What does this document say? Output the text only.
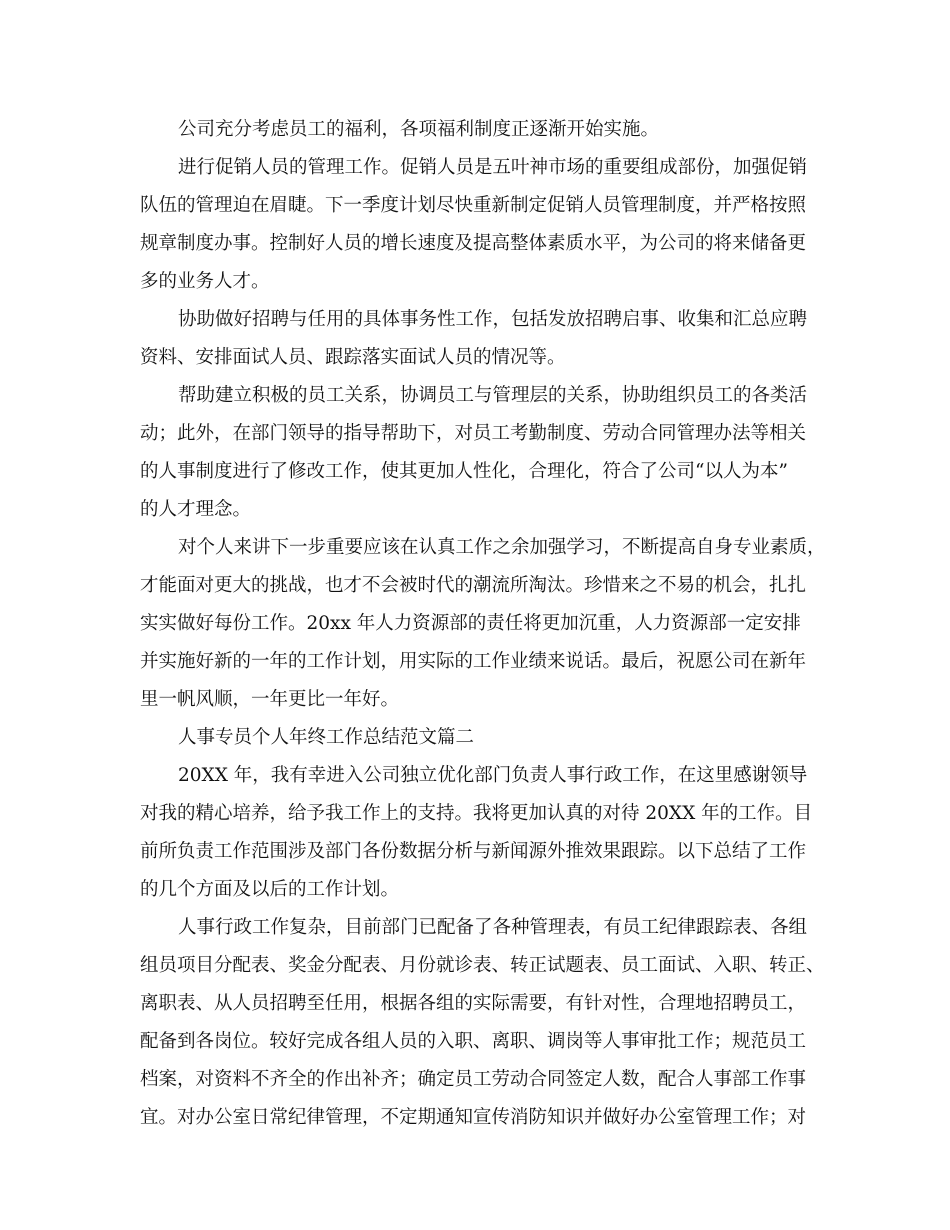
公司充分考虑员工的福利，各项福利制度正逐渐开始实施。
进行促销人员的管理工作。促销人员是五叶神市场的重要组成部份，加强促销
队伍的管理迫在眉睫。下一季度计划尽快重新制定促销人员管理制度，并严格按照
规章制度办事。控制好人员的增长速度及提高整体素质水平，为公司的将来储备更
多的业务人才。
协助做好招聘与任用的具体事务性工作，包括发放招聘启事、收集和汇总应聘
资料、安排面试人员、跟踪落实面试人员的情况等。
帮助建立积极的员工关系，协调员工与管理层的关系，协助组织员工的各类活
动；此外，在部门领导的指导帮助下，对员工考勤制度、劳动合同管理办法等相关
的人事制度进行了修改工作，使其更加人性化，合理化，符合了公司“以人为本”
的人才理念。
对个人来讲下一步重要应该在认真工作之余加强学习，不断提高自身专业素质，
才能面对更大的挑战，也才不会被时代的潮流所淘汰。珍惜来之不易的机会，扎扎
实实做好每份工作。20xx 年人力资源部的责任将更加沉重，人力资源部一定安排
并实施好新的一年的工作计划，用实际的工作业绩来说话。最后，祝愿公司在新年
里一帆风顺，一年更比一年好。
人事专员个人年终工作总结范文篇二
20XX 年，我有幸进入公司独立优化部门负责人事行政工作，在这里感谢领导
对我的精心培养，给予我工作上的支持。我将更加认真的对待 20XX 年的工作。目
前所负责工作范围涉及部门各份数据分析与新闻源外推效果跟踪。以下总结了工作
的几个方面及以后的工作计划。
人事行政工作复杂，目前部门已配备了各种管理表，有员工纪律跟踪表、各组
组员项目分配表、奖金分配表、月份就诊表、转正试题表、员工面试、入职、转正、
离职表、从人员招聘至任用，根据各组的实际需要，有针对性，合理地招聘员工，
配备到各岗位。较好完成各组人员的入职、离职、调岗等人事审批工作；规范员工
档案，对资料不齐全的作出补齐；确定员工劳动合同签定人数，配合人事部工作事
宜。对办公室日常纪律管理，不定期通知宣传消防知识并做好办公室管理工作；对
